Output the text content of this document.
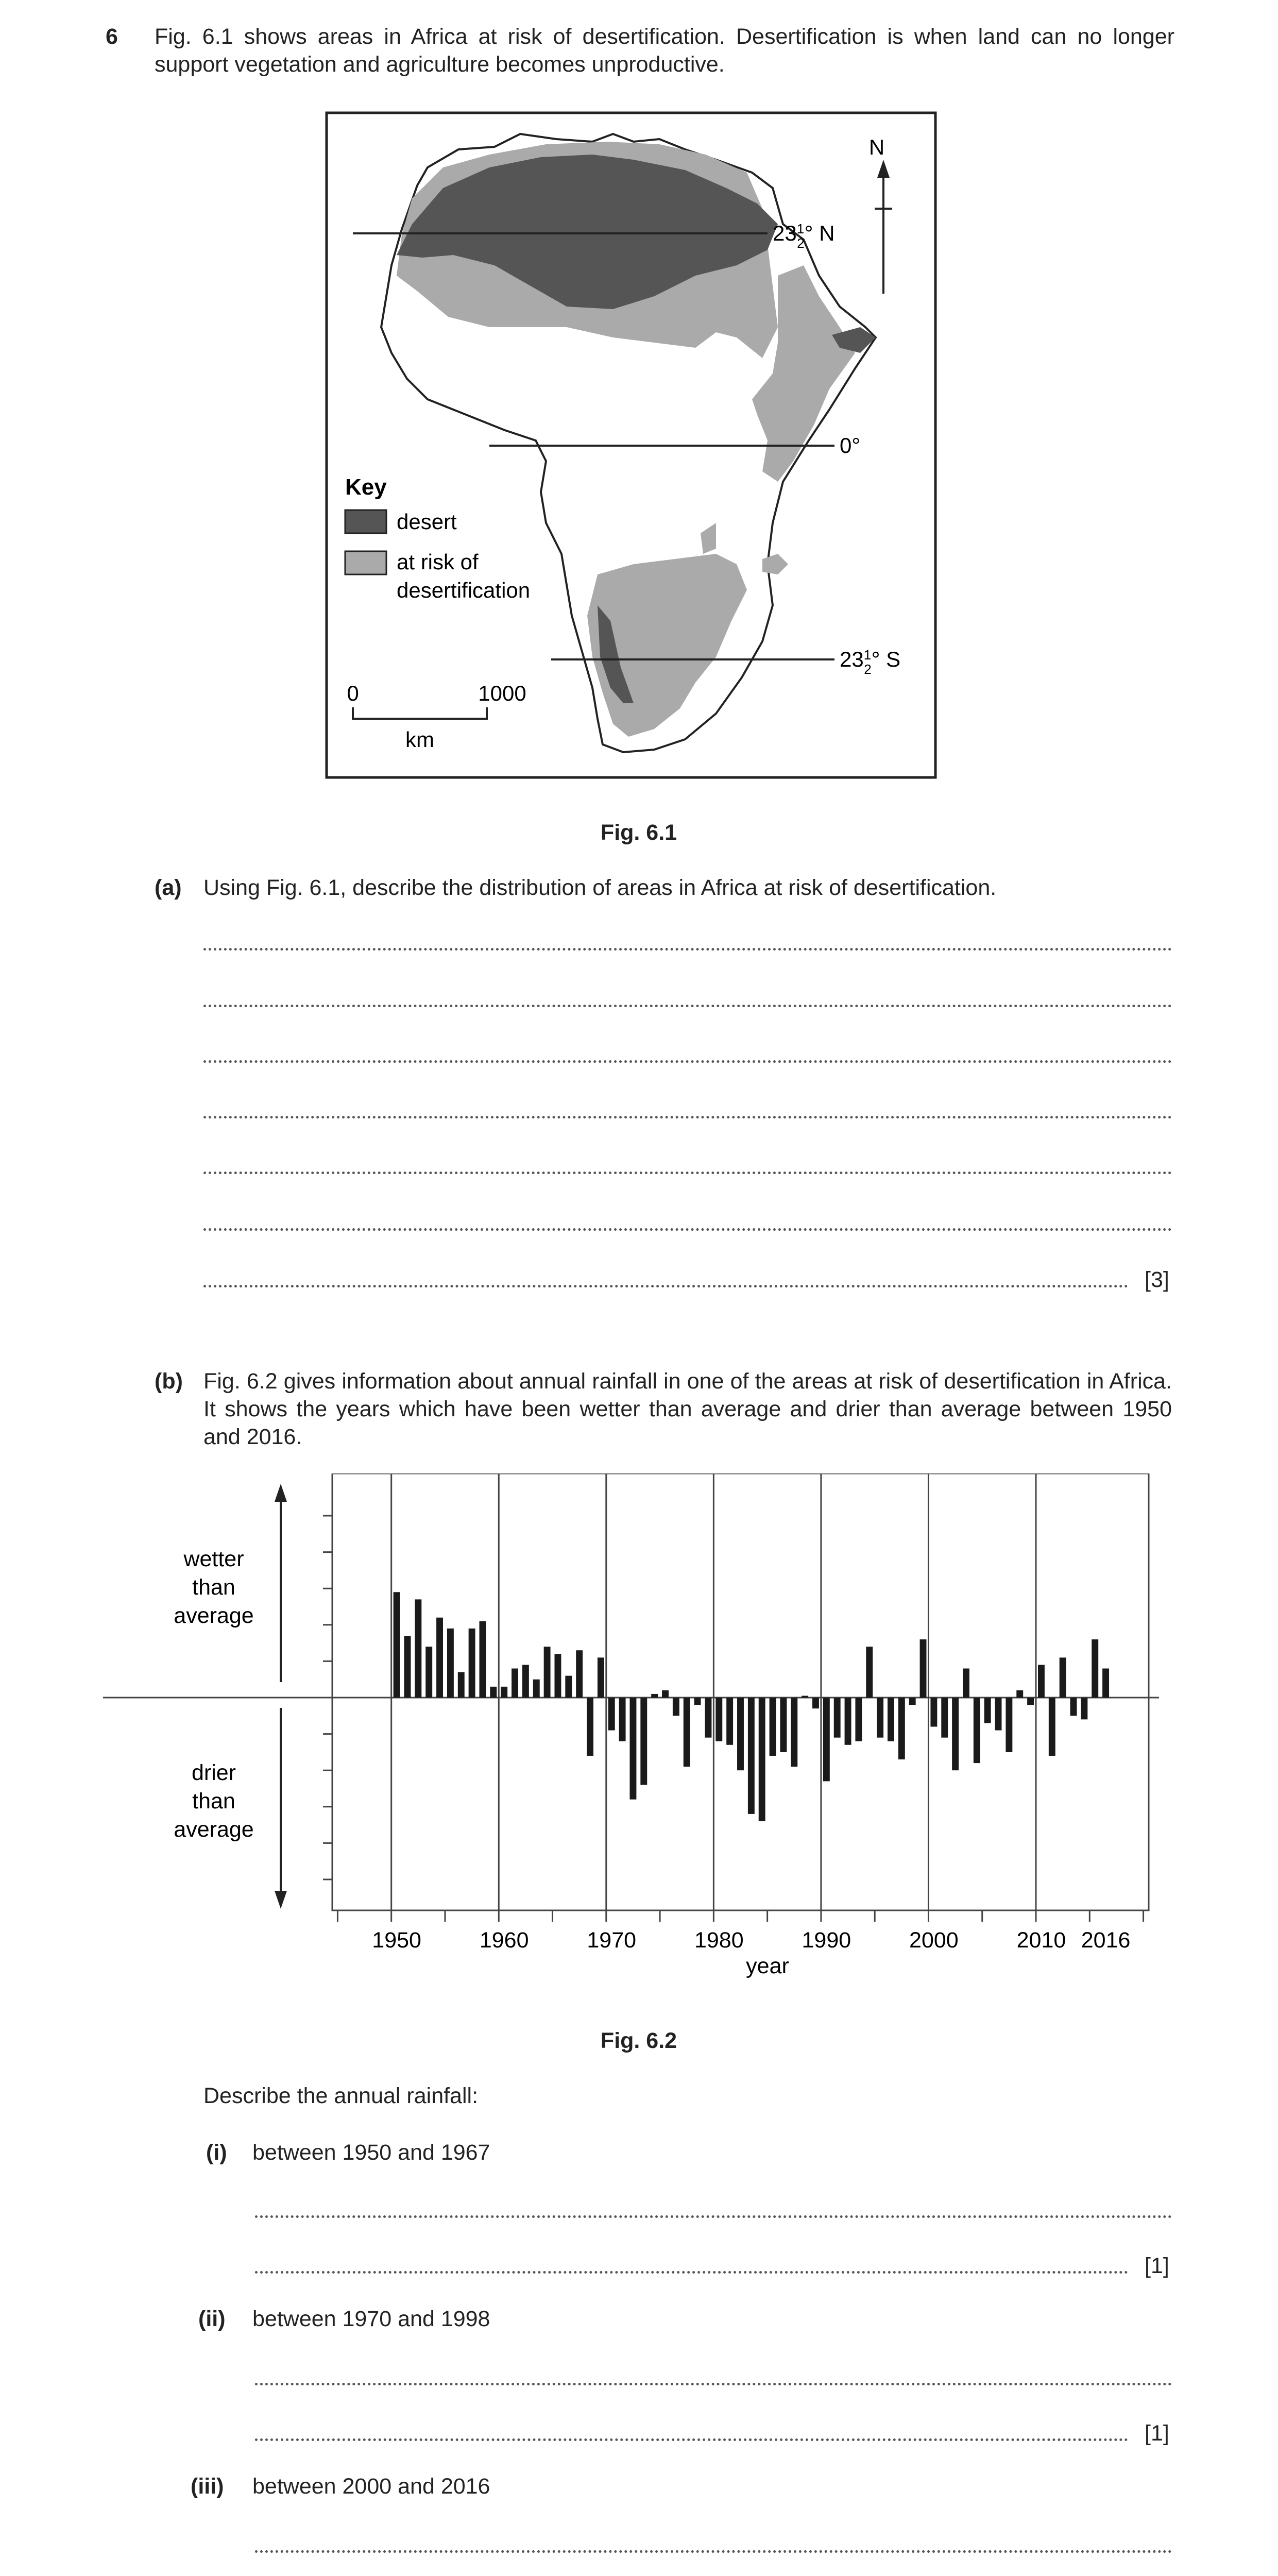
6 Fig. 6.1 shows areas in Africa at risk of desertification. Desertification is when land can no longer support vegetation and agriculture becomes unproductive.
$23^1$ 2° N
0°
$23^1$ 2° S
N
Key
desert
at risk of
desertification
0	1000
km
Fig. 6.1
(a) Using Fig. 6.1, describe the distribution of areas in Africa at risk of desertification.
[3]
(b) Fig. 6.2 gives information about annual rainfall in one of the areas at risk of desertification in Africa. It shows the years which have been wetter than average and drier than average between 1950 and 2016.
1950	1960	1970	1980	1990	2000	2010 2016
wetter
than
average
drier
than
average
year
Fig. 6.2
Describe the annual rainfall:
(i) between 1950 and 1967
[1]
(ii) between 1970 and 1998
[1]
(iii) between 2000 and 2016
